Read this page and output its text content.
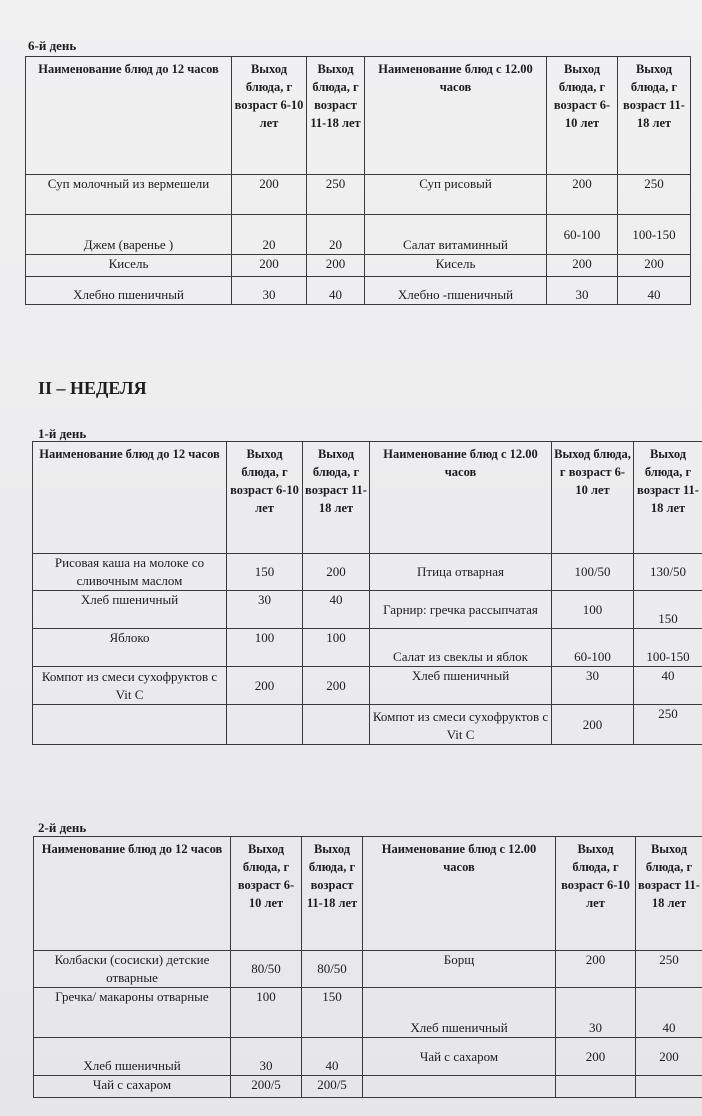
6-й день
Наименование блюд до 12 часов	Выход блюда, г возраст 6-10 лет	Выход блюда, г возраст 11-18 лет	Наименование блюд с 12.00 часов	Выход блюда, г возраст 6-10 лет	Выход блюда, г возраст 11-18 лет
Суп молочный из вермешели	200	250	Суп рисовый	200	250
Джем (варенье )	20	20	Салат витаминный	60-100	100-150
Кисель	200	200	Кисель	200	200
Хлебно пшеничный	30	40	Хлебно -пшеничный	30	40
II – НЕДЕЛЯ
1-й день
Наименование блюд до 12 часов	Выход блюда, г возраст 6-10 лет	Выход блюда, г возраст 11-18 лет	Наименование блюд с 12.00 часов	Выход блюда, г возраст 6-10 лет	Выход блюда, г возраст 11-18 лет
Рисовая каша на молоке со сливочным маслом	150	200	Птица отварная	100/50	130/50
Хлеб пшеничный	30	40	Гарнир: гречка рассыпчатая	100	150
Яблоко	100	100	Салат из свеклы и яблок	60-100	100-150
Компот из смеси сухофруктов с Vit C	200	200	Хлеб пшеничный	30	40
			Компот из смеси сухофруктов с Vit C	200	250
2-й день
Наименование блюд до 12 часов	Выход блюда, г возраст 6-10 лет	Выход блюда, г возраст 11-18 лет	Наименование блюд с 12.00 часов	Выход блюда, г возраст 6-10 лет	Выход блюда, г возраст 11-18 лет
Колбаски (сосиски) детские отварные	80/50	80/50	Борщ	200	250
Гречка/ макароны отварные	100	150	Хлеб пшеничный	30	40
Хлеб пшеничный	30	40	Чай с сахаром	200	200
Чай с сахаром	200/5	200/5			
